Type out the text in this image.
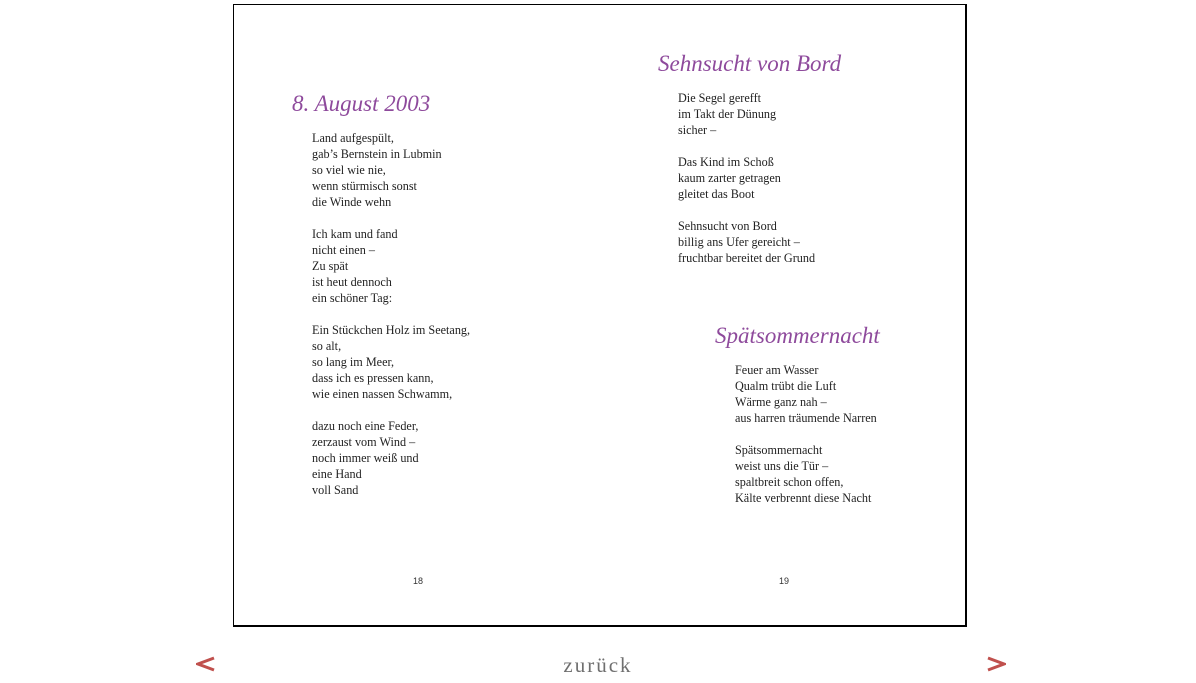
8. August 2003
Land aufgespült,
gab’s Bernstein in Lubmin
so viel wie nie,
wenn stürmisch sonst
die Winde wehn
Ich kam und fand
nicht einen –
Zu spät
ist heut dennoch
ein schöner Tag:
Ein Stückchen Holz im Seetang,
so alt,
so lang im Meer,
dass ich es pressen kann,
wie einen nassen Schwamm,
dazu noch eine Feder,
zerzaust vom Wind –
noch immer weiß und
eine Hand
voll Sand
18
Sehnsucht von Bord
Die Segel gerefft
im Takt der Dünung
sicher –
Das Kind im Schoß
kaum zarter getragen
gleitet das Boot
Sehnsucht von Bord
billig ans Ufer gereicht –
fruchtbar bereitet der Grund
Spätsommernacht
Feuer am Wasser
Qualm trübt die Luft
Wärme ganz nah –
aus harren träumende Narren
Spätsommernacht
weist uns die Tür –
spaltbreit schon offen,
Kälte verbrennt diese Nacht
19
zurück
